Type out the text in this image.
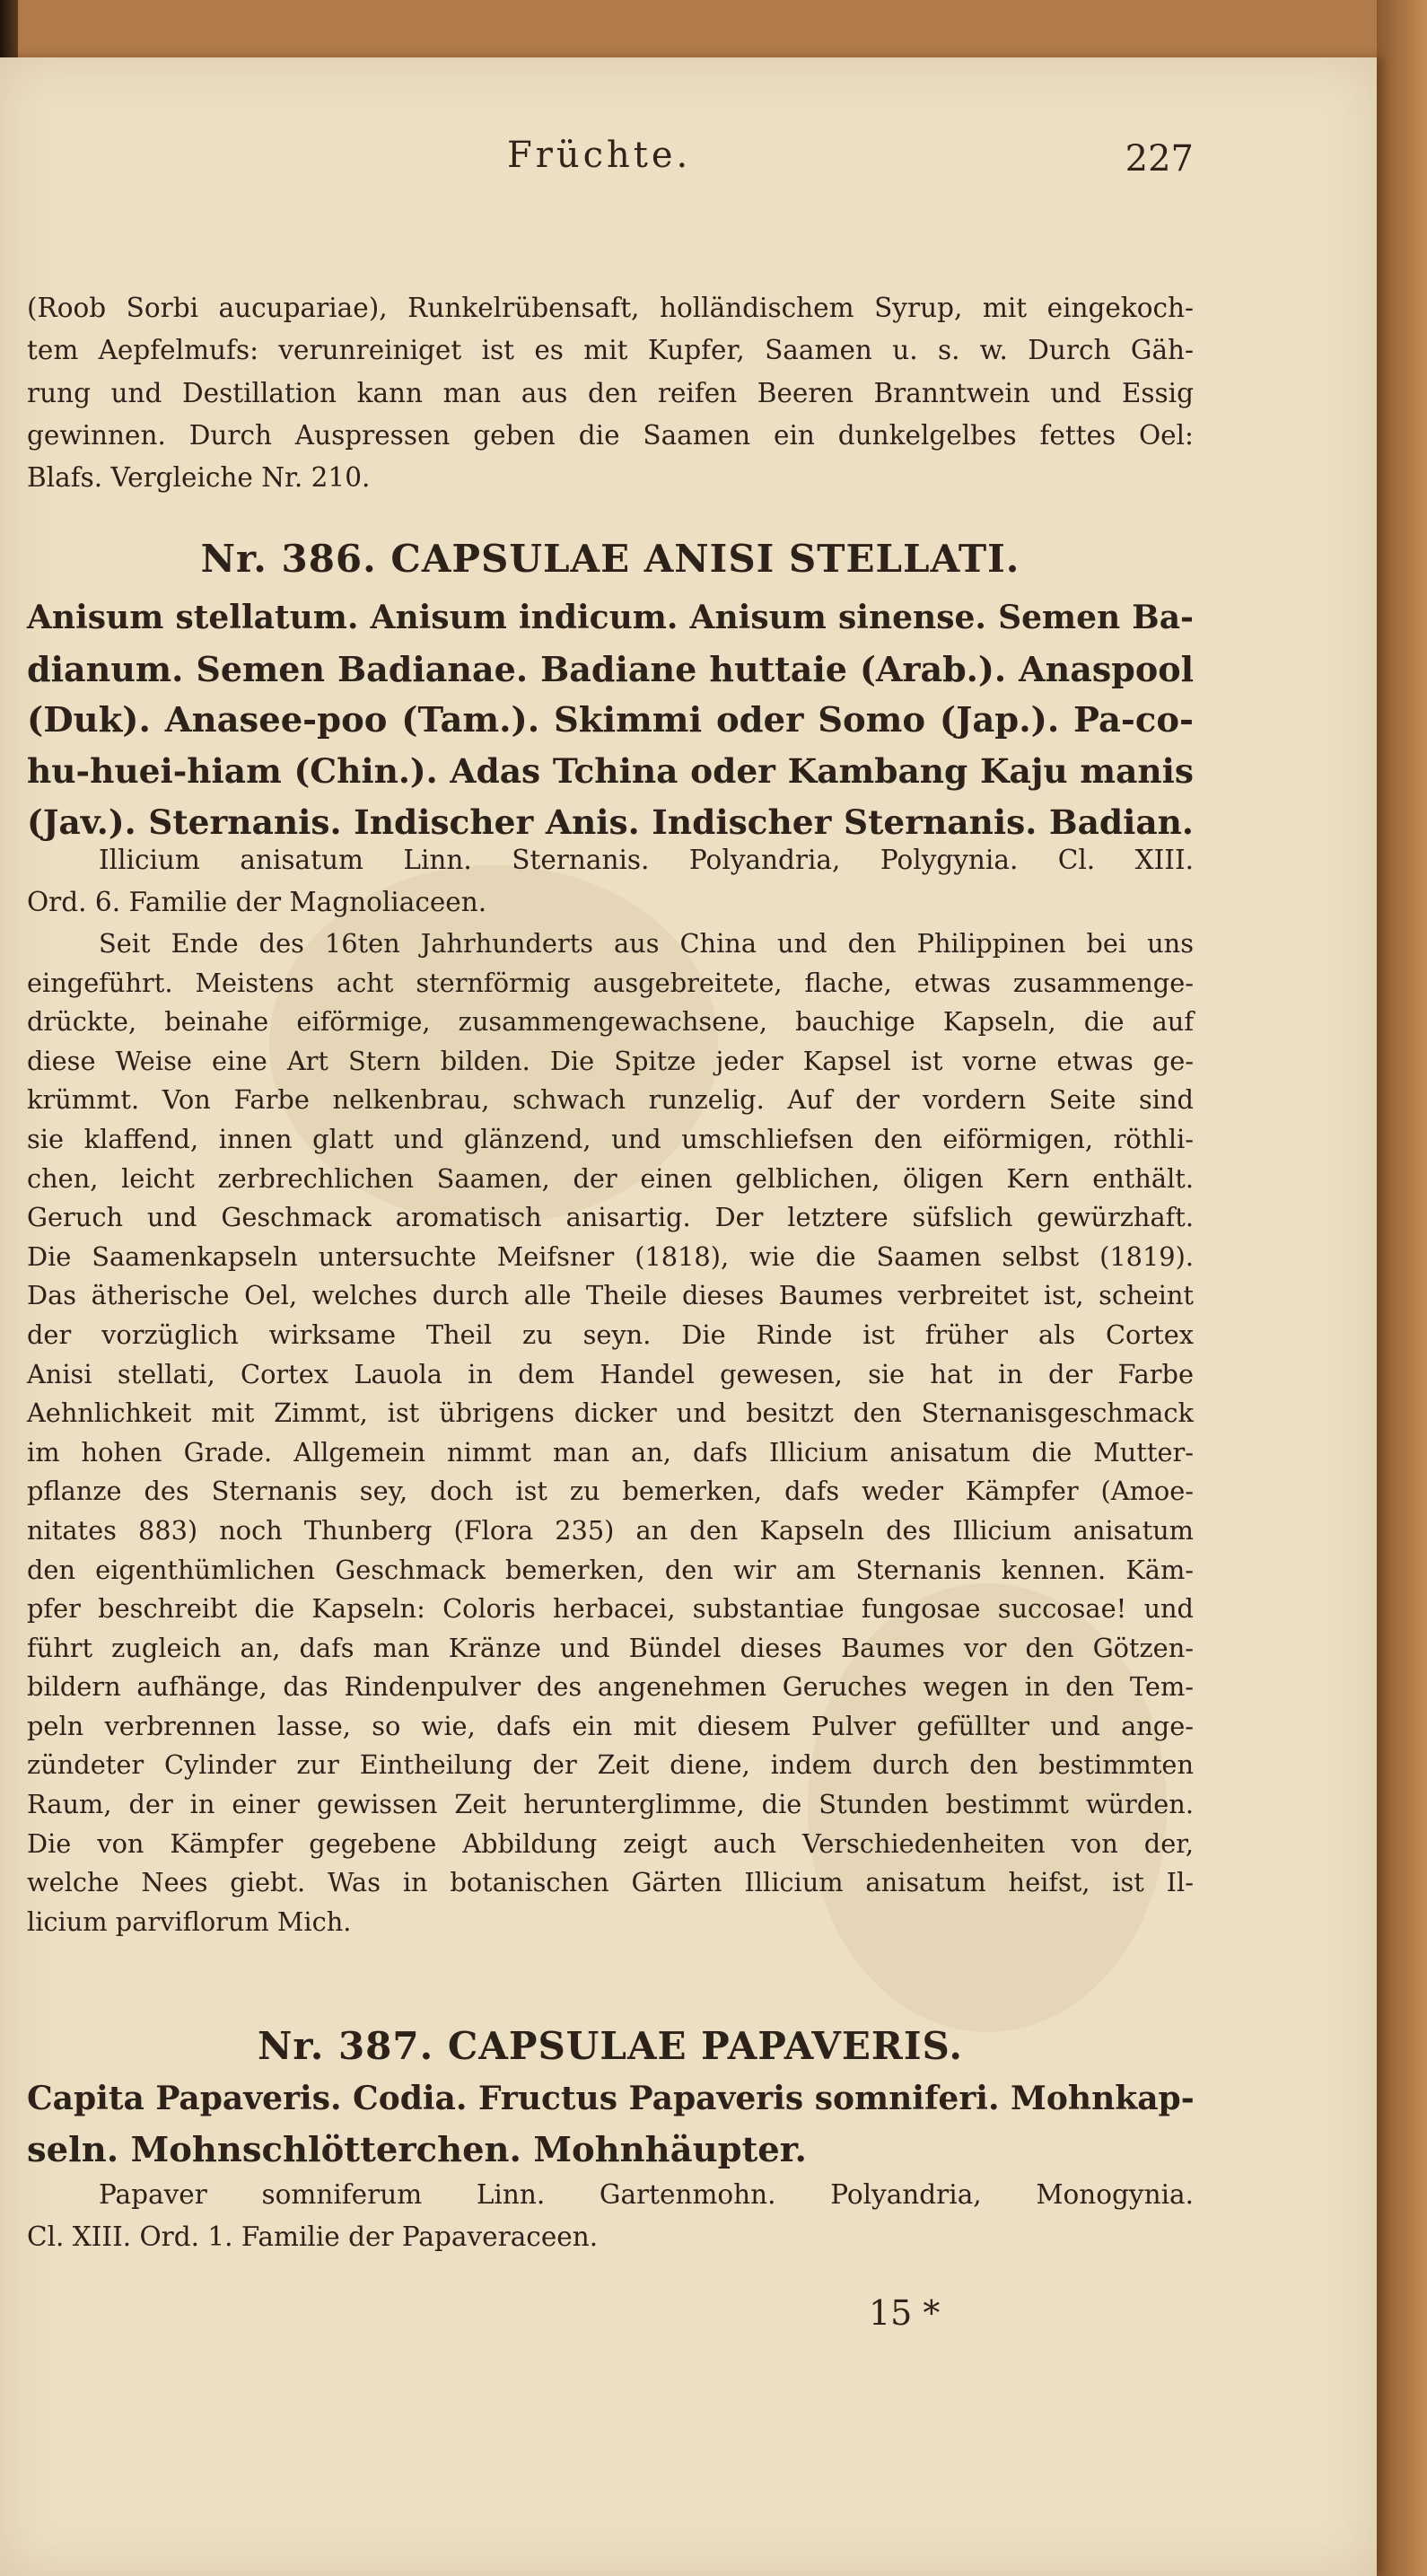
Früchte.	227

(Roob Sorbi aucupariae), Runkelrübensaft, holländischem Syrup, mit eingekoch-
tem Aepfelmufs: verunreiniget ist es mit Kupfer, Saamen u. s. w. Durch Gäh-
rung und Destillation kann man aus den reifen Beeren Branntwein und Essig
gewinnen. Durch Auspressen geben die Saamen ein dunkelgelbes fettes Oel:
Blafs. Vergleiche Nr. 210.

Nr. 386. CAPSULAE ANISI STELLATI.

Anisum stellatum. Anisum indicum. Anisum sinense. Semen Ba-
dianum. Semen Badianae. Badiane huttaie (Arab.). Anaspool
(Duk). Anasee-poo (Tam.). Skimmi oder Somo (Jap.). Pa-co-
hu-huei-hiam (Chin.). Adas Tchina oder Kambang Kaju manis
(Jav.). Sternanis. Indischer Anis. Indischer Sternanis. Badian.

Illicium anisatum Linn. Sternanis. Polyandria, Polygynia. Cl. XIII.
Ord. 6. Familie der Magnoliaceen.

Seit Ende des 16ten Jahrhunderts aus China und den Philippinen bei uns
eingeführt. Meistens acht sternförmig ausgebreitete, flache, etwas zusammenge-
drückte, beinahe eiförmige, zusammengewachsene, bauchige Kapseln, die auf
diese Weise eine Art Stern bilden. Die Spitze jeder Kapsel ist vorne etwas ge-
krümmt. Von Farbe nelkenbrau, schwach runzelig. Auf der vordern Seite sind
sie klaffend, innen glatt und glänzend, und umschliefsen den eiförmigen, röthli-
chen, leicht zerbrechlichen Saamen, der einen gelblichen, öligen Kern enthält.
Geruch und Geschmack aromatisch anisartig. Der letztere süfslich gewürzhaft.
Die Saamenkapseln untersuchte Meifsner (1818), wie die Saamen selbst (1819).
Das ätherische Oel, welches durch alle Theile dieses Baumes verbreitet ist, scheint
der vorzüglich wirksame Theil zu seyn. Die Rinde ist früher als Cortex
Anisi stellati, Cortex Lauola in dem Handel gewesen, sie hat in der Farbe
Aehnlichkeit mit Zimmt, ist übrigens dicker und besitzt den Sternanisgeschmack
im hohen Grade. Allgemein nimmt man an, dafs Illicium anisatum die Mutter-
pflanze des Sternanis sey, doch ist zu bemerken, dafs weder Kämpfer (Amoe-
nitates 883) noch Thunberg (Flora 235) an den Kapseln des Illicium anisatum
den eigenthümlichen Geschmack bemerken, den wir am Sternanis kennen. Käm-
pfer beschreibt die Kapseln: Coloris herbacei, substantiae fungosae succosae! und
führt zugleich an, dafs man Kränze und Bündel dieses Baumes vor den Götzen-
bildern aufhänge, das Rindenpulver des angenehmen Geruches wegen in den Tem-
peln verbrennen lasse, so wie, dafs ein mit diesem Pulver gefüllter und ange-
zündeter Cylinder zur Eintheilung der Zeit diene, indem durch den bestimmten
Raum, der in einer gewissen Zeit herunterglimme, die Stunden bestimmt würden.
Die von Kämpfer gegebene Abbildung zeigt auch Verschiedenheiten von der,
welche Nees giebt. Was in botanischen Gärten Illicium anisatum heifst, ist Il-
licium parviflorum Mich.

Nr. 387. CAPSULAE PAPAVERIS.

Capita Papaveris. Codia. Fructus Papaveris somniferi. Mohnkap-
seln. Mohnschlötterchen. Mohnhäupter.

Papaver somniferum Linn. Gartenmohn. Polyandria, Monogynia.
Cl. XIII. Ord. 1. Familie der Papaveraceen.

15 *
